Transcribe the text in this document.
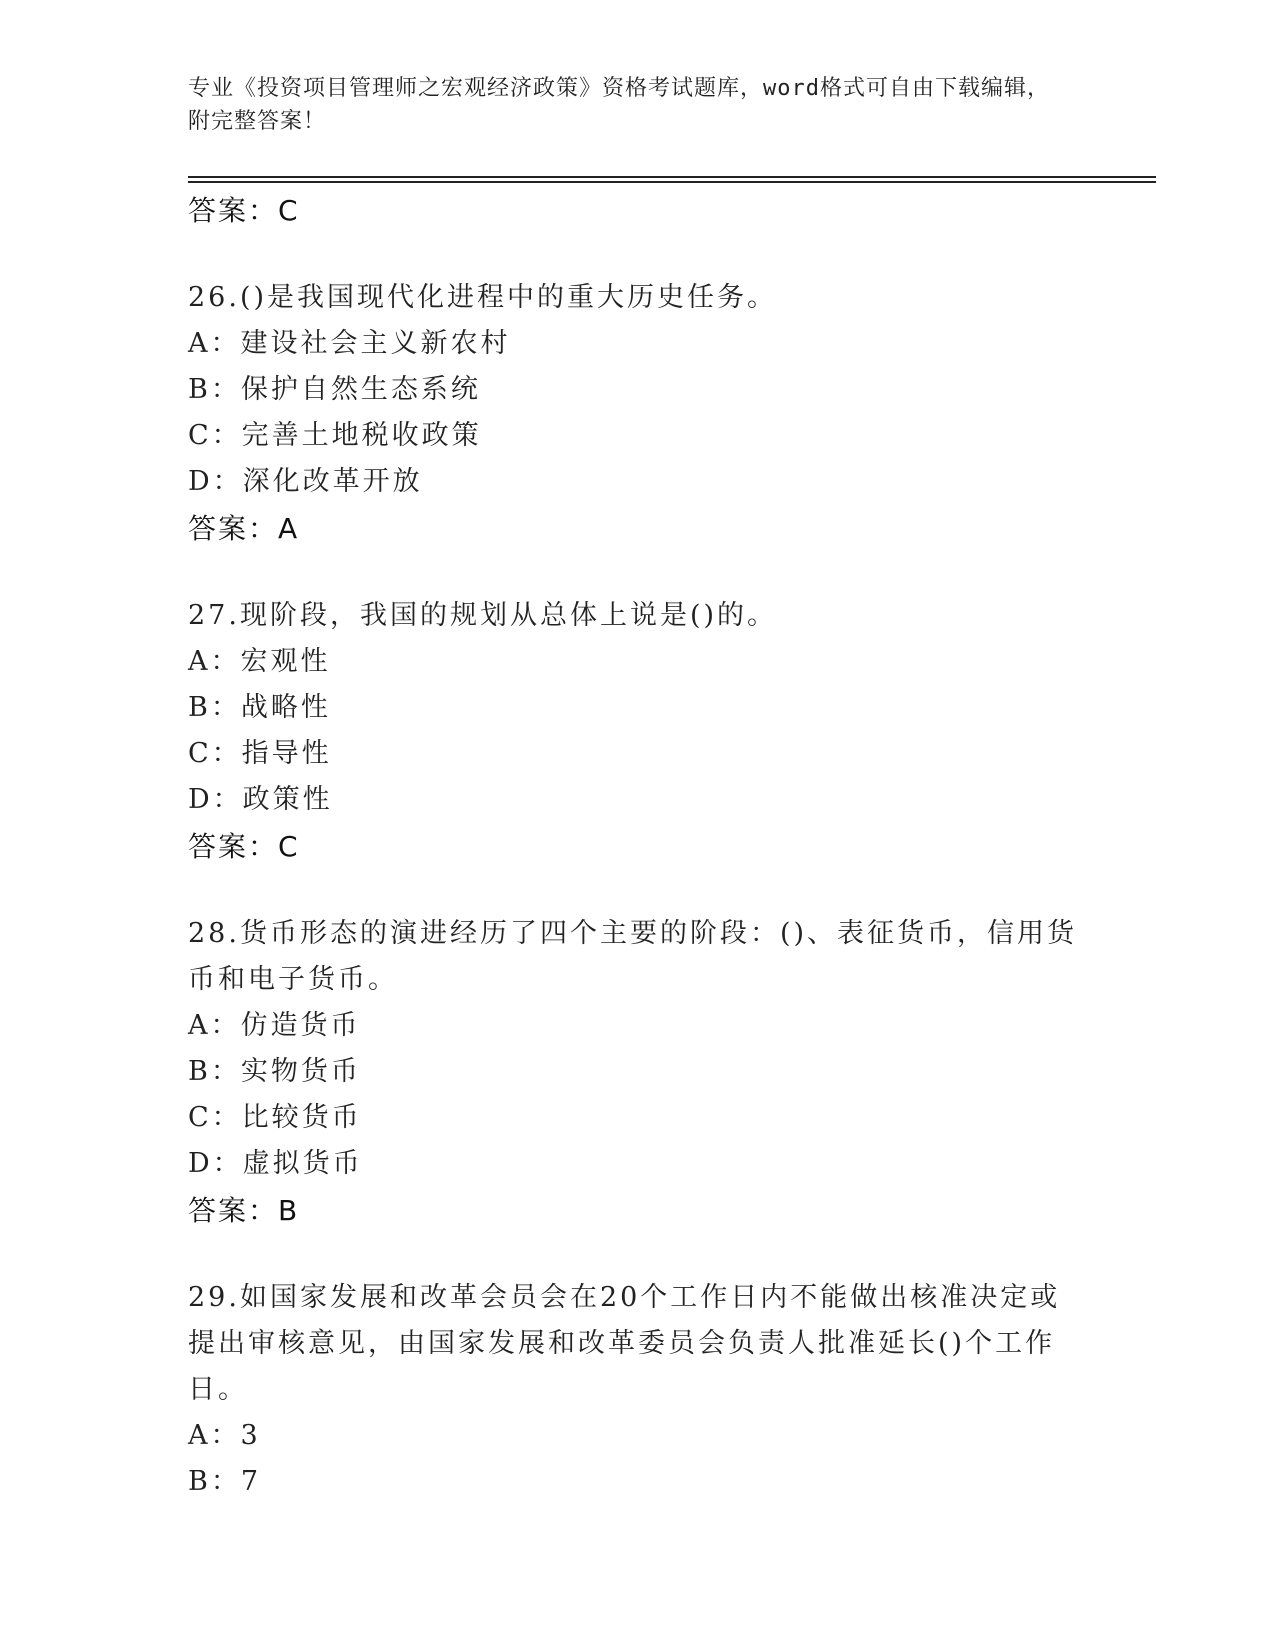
专业《投资项目管理师之宏观经济政策》资格考试题库，word格式可自由下载编辑，附完整答案！
答案：C
26.()是我国现代化进程中的重大历史任务。
A：建设社会主义新农村
B：保护自然生态系统
C：完善土地税收政策
D：深化改革开放
答案：A
27.现阶段，我国的规划从总体上说是()的。
A：宏观性
B：战略性
C：指导性
D：政策性
答案：C
28.货币形态的演进经历了四个主要的阶段：()、表征货币，信用货币和电子货币。
A：仿造货币
B：实物货币
C：比较货币
D：虚拟货币
答案：B
29.如国家发展和改革会员会在20个工作日内不能做出核准决定或提出审核意见，由国家发展和改革委员会负责人批准延长()个工作日。
A：3
B：7
